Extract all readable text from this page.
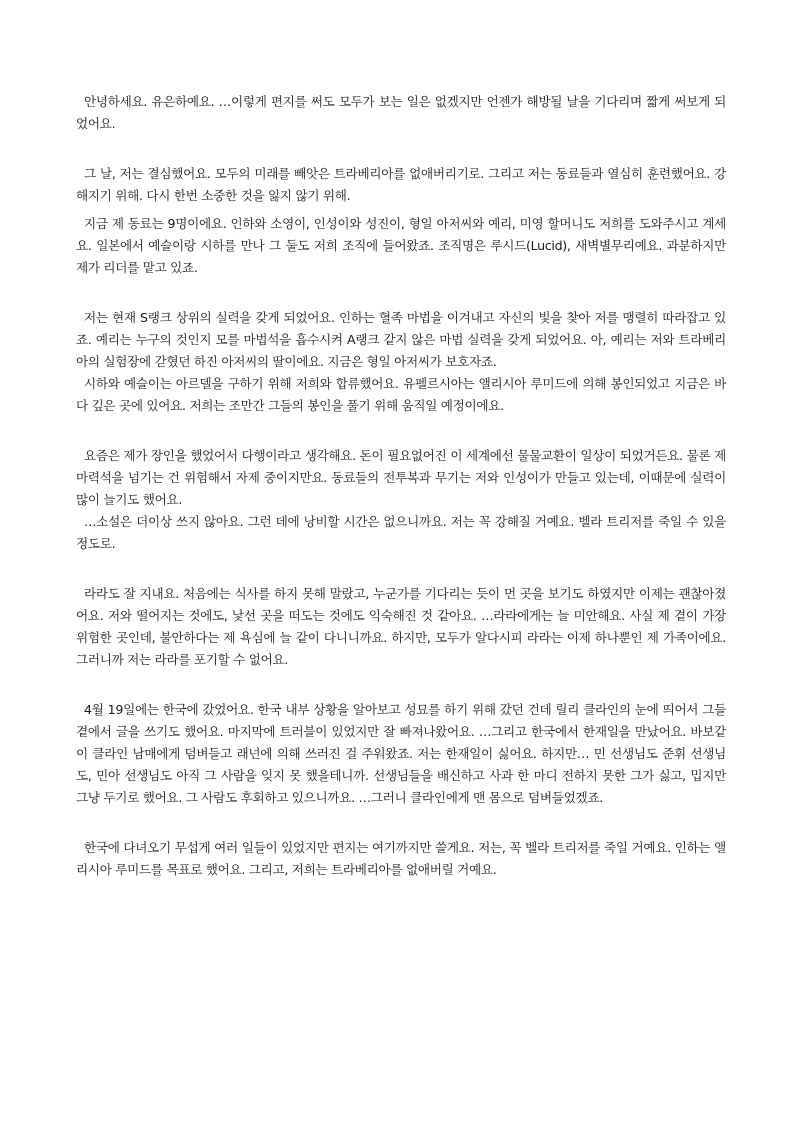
안녕하세요. 유은하예요. …이렇게 편지를 써도 모두가 보는 일은 없겠지만 언젠가 해방될 날을 기다리며 짧게 써보게 되었어요.

그 날, 저는 결심했어요. 모두의 미래를 빼앗은 트라베리아를 없애버리기로. 그리고 저는 동료들과 열심히 훈련했어요. 강해지기 위해. 다시 한번 소중한 것을 잃지 않기 위해.

지금 제 동료는 9명이에요. 인하와 소영이, 인성이와 성진이, 형일 아저씨와 예리, 미영 할머니도 저희를 도와주시고 계세요. 일본에서 예슬이랑 시하를 만나 그 둘도 저희 조직에 들어왔죠. 조직명은 루시드(Lucid), 새벽별무리예요. 과분하지만 제가 리더를 맡고 있죠.

저는 현재 S랭크 상위의 실력을 갖게 되었어요. 인하는 혈족 마법을 이겨내고 자신의 빛을 찾아 저를 맹렬히 따라잡고 있죠. 예리는 누구의 것인지 모를 마법석을 흡수시켜 A랭크 같지 않은 마법 실력을 갖게 되었어요. 아, 예리는 저와 트라베리아의 실험장에 갇혔던 하진 아저씨의 딸이에요. 지금은 형일 아저씨가 보호자죠.

시하와 예슬이는 아르델을 구하기 위해 저희와 합류했어요. 유펠르시아는 앨리시아 루미드에 의해 봉인되었고 지금은 바다 깊은 곳에 있어요. 저희는 조만간 그들의 봉인을 풀기 위해 움직일 예정이에요.

요즘은 제가 장인을 했었어서 다행이라고 생각해요. 돈이 필요없어진 이 세계에선 물물교환이 일상이 되었거든요. 물론 제 마력석을 넘기는 건 위험해서 자제 중이지만요. 동료들의 전투복과 무기는 저와 인성이가 만들고 있는데, 이때문에 실력이 많이 늘기도 했어요.

…소설은 더이상 쓰지 않아요. 그런 데에 낭비할 시간은 없으니까요. 저는 꼭 강해질 거예요. 벨라 트리저를 죽일 수 있을 정도로.

라라도 잘 지내요. 처음에는 식사를 하지 못해 말랐고, 누군가를 기다리는 듯이 먼 곳을 보기도 하였지만 이제는 괜찮아졌어요. 저와 떨어지는 것에도, 낯선 곳을 떠도는 것에도 익숙해진 것 같아요. …라라에게는 늘 미안해요. 사실 제 곁이 가장 위험한 곳인데, 불안하다는 제 욕심에 늘 같이 다니니까요. 하지만, 모두가 알다시피 라라는 이제 하나뿐인 제 가족이에요. 그러니까 저는 라라를 포기할 수 없어요.

4월 19일에는 한국에 갔었어요. 한국 내부 상황을 알아보고 성묘를 하기 위해 갔던 건데 릴리 클라인의 눈에 띄어서 그들 곁에서 글을 쓰기도 했어요. 마지막에 트러블이 있었지만 잘 빠져나왔어요. …그리고 한국에서 한재일을 만났어요. 바보같이 클라인 남매에게 덤벼들고 래넌에 의해 쓰러진 걸 주워왔죠. 저는 한재일이 싫어요. 하지만… 민 선생님도 준휘 선생님도, 민아 선생님도 아직 그 사람을 잊지 못 했을테니까. 선생님들을 배신하고 사과 한 마디 전하지 못한 그가 싫고, 밉지만 그냥 두기로 했어요. 그 사람도 후회하고 있으니까요. …그러니 클라인에게 맨 몸으로 덤벼들었겠죠.

한국에 다녀오기 무섭게 여러 일들이 있었지만 편지는 여기까지만 쓸게요. 저는, 꼭 벨라 트리저를 죽일 거예요. 인하는 앨리시아 루미드를 목표로 했어요. 그리고, 저희는 트라베리아를 없애버릴 거예요.
